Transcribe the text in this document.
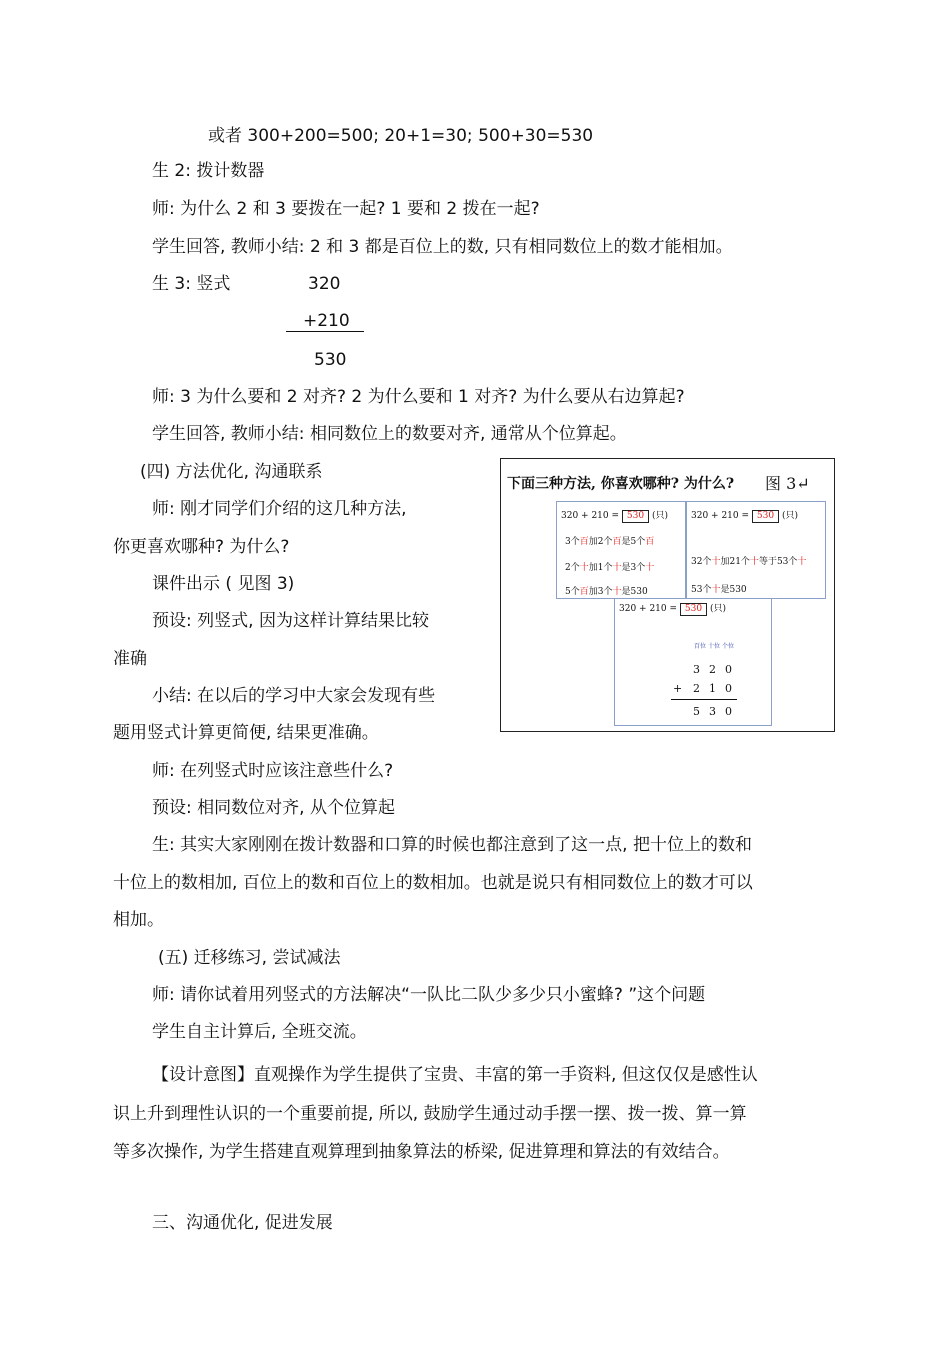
或者 300+200=500; 20+1=30; 500+30=530
生 2: 拨计数器
师: 为什么 2 和 3 要拨在一起? 1 要和 2 拨在一起?
学生回答, 教师小结: 2 和 3 都是百位上的数, 只有相同数位上的数才能相加。
生 3: 竖式	320
+210
530
师: 3 为什么要和 2 对齐? 2 为什么要和 1 对齐? 为什么要从右边算起?
学生回答, 教师小结: 相同数位上的数要对齐, 通常从个位算起。
(四) 方法优化, 沟通联系
师: 刚才同学们介绍的这几种方法,
你更喜欢哪种? 为什么?
课件出示 ( 见图 3)
预设: 列竖式, 因为这样计算结果比较
准确
小结: 在以后的学习中大家会发现有些
题用竖式计算更简便, 结果更准确。
师: 在列竖式时应该注意些什么?
预设: 相同数位对齐, 从个位算起
生: 其实大家刚刚在拨计数器和口算的时候也都注意到了这一点, 把十位上的数和
十位上的数相加, 百位上的数和百位上的数相加。也就是说只有相同数位上的数才可以
相加。
(五) 迁移练习, 尝试减法
师: 请你试着用列竖式的方法解决“一队比二队少多少只小蜜蜂? ”这个问题
学生自主计算后, 全班交流。
【设计意图】直观操作为学生提供了宝贵、丰富的第一手资料, 但这仅仅是感性认
识上升到理性认识的一个重要前提, 所以, 鼓励学生通过动手摆一摆、拨一拨、算一算
等多次操作, 为学生搭建直观算理到抽象算法的桥梁, 促进算理和算法的有效结合。
三、沟通优化, 促进发展
下面三种方法, 你喜欢哪种? 为什么? 图 3↵
320 + 210 = 530 (只)
3个百加2个百是5个百
2个十加1个十是3个十
5个百加3个十是530
320 + 210 = 530 (只)
32个十加21个十等于53个十
53个十是530
320 + 210 = 530 (只)
百位 十位 个位
320
+ 210
530
